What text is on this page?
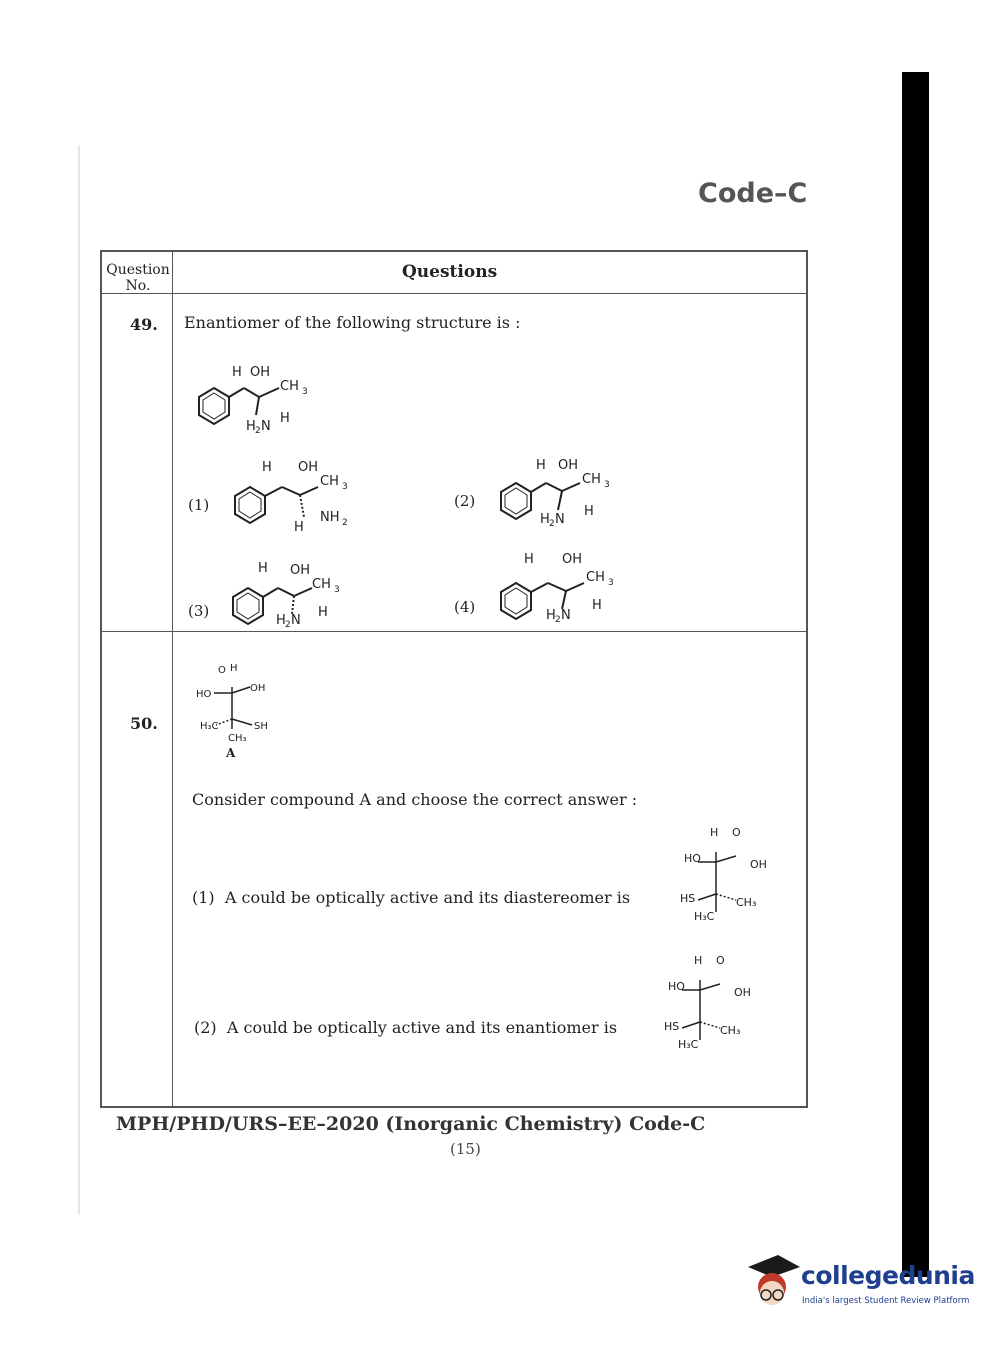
Code–C
Question No.
Questions
49. Enantiomer of the following structure is :
H OH
CH 3
H 2 N
H
(1)
H OH
CH 3
NH 2
H
(2)
H OH
CH 3
H 2 N
H
(3)
H OH
CH 3
H 2 N
H	(4)
H OH
CH 3
H 2 N
H
50.
O H
HO
OH
H₃C	SH
CH₃
A
Consider compound A and choose the correct answer :
(1) A could be optically active and its diastereomer is
H O
HO	OH
HS	CH₃
H₃C
(2) A could be optically active and its enantiomer is
H O
HO	OH
HS	CH₃
H₃C
MPH/PHD/URS–EE–2020 (Inorganic Chemistry) Code-C
(15)
collegedunia
India's largest Student Review Platform
